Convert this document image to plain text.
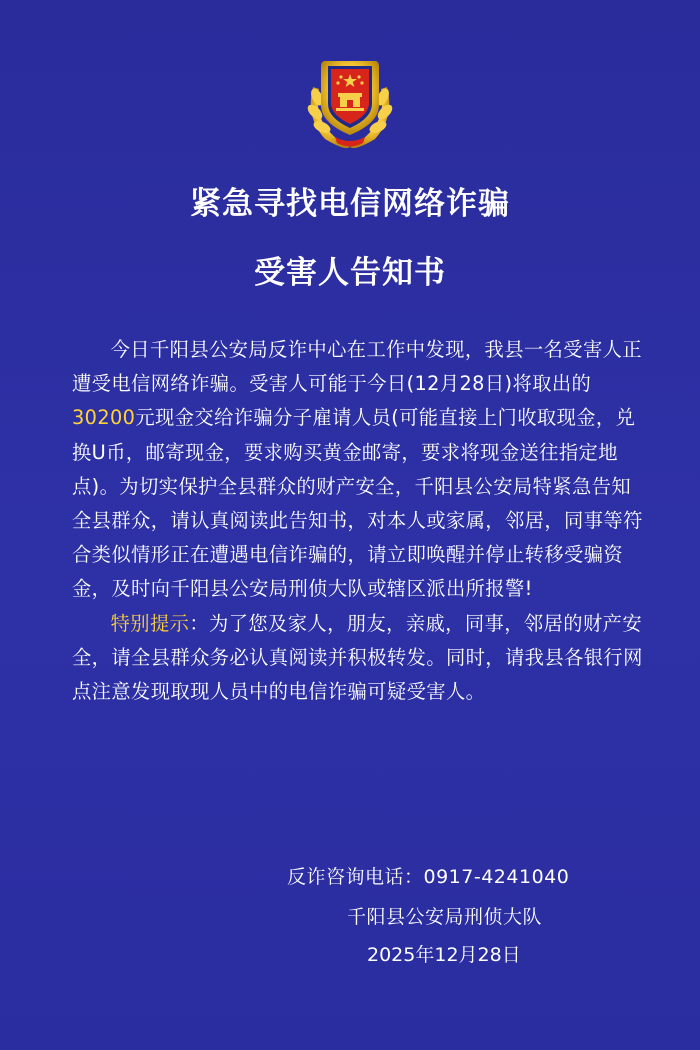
紧急寻找电信网络诈骗
受害人告知书

今日千阳县公安局反诈中心在工作中发现，我县一名受害人正遭受电信网络诈骗。受害人可能于今日(12月28日)将取出的30200元现金交给诈骗分子雇请人员(可能直接上门收取现金，兑换U币，邮寄现金，要求购买黄金邮寄，要求将现金送往指定地点)。为切实保护全县群众的财产安全，千阳县公安局特紧急告知全县群众，请认真阅读此告知书，对本人或家属，邻居，同事等符合类似情形正在遭遇电信诈骗的，请立即唤醒并停止转移受骗资金，及时向千阳县公安局刑侦大队或辖区派出所报警!

特别提示：为了您及家人，朋友，亲戚，同事，邻居的财产安全，请全县群众务必认真阅读并积极转发。同时，请我县各银行网点注意发现取现人员中的电信诈骗可疑受害人。

反诈咨询电话：0917-4241040
千阳县公安局刑侦大队
2025年12月28日
